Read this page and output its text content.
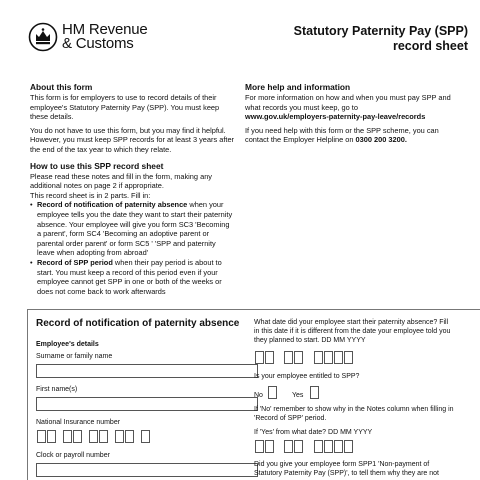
HM Revenue
& Customs
Statutory Paternity Pay (SPP)
record sheet
About this form

This form is for employers to use to record details of their employee's Statutory Paternity Pay (SPP). You must keep these details.

You do not have to use this form, but you may find it helpful. However, you must keep SPP records for at least 3 years after the end of the tax year to which they relate.

How to use this SPP record sheet

Please read these notes and fill in the form, making any additional notes on page 2 if appropriate.

This record sheet is in 2 parts. Fill in:

• Record of notification of paternity absence when your employee tells you the date they want to start their paternity absence. Your employee will give you form SC3 'Becoming a parent', form SC4 'Becoming an adoptive parent or parental order parent' or form SC5 ' 'SPP and paternity leave when adopting from abroad'
• Record of SPP period when their pay period is about to start. You must keep a record of this period even if your employee cannot get SPP in one or both of the weeks or does not come back to work afterwards
More help and information

For more information on how and when you must pay SPP and what records you must keep, go to

www.gov.uk/employers-paternity-pay-leave/records

If you need help with this form or the SPP scheme, you can contact the Employer Helpline on 0300 200 3200.

Record of notification of paternity absence
Employee's details
Surname or family name
First name(s)
National Insurance number
Clock or payroll number
What date did your employee start their paternity absence? Fill in this date if it is different from the date your employee told you they planned to start. DD MM YYYY
Is your employee entitled to SPP?
No	Yes
If 'No' remember to show why in the Notes column when filling in 'Record of SPP' period.
If 'Yes' from what date? DD MM YYYY
Did you give your employee form SPP1 'Non-payment of Statutory Paternity Pay (SPP)', to tell them why they are not
